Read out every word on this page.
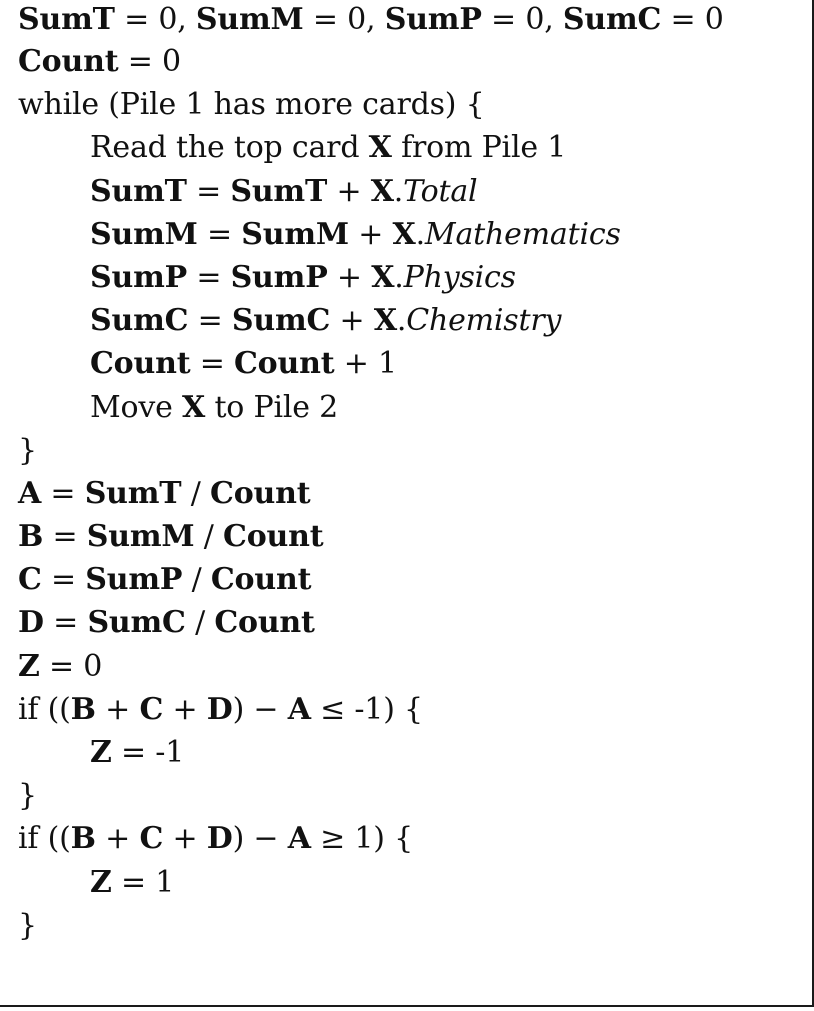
SumT = 0, SumM = 0, SumP = 0, SumC = 0
Count = 0
while (Pile 1 has more cards) {
Read the top card X from Pile 1
SumT = SumT + X.Total
SumM = SumM + X.Mathematics
SumP = SumP + X.Physics
SumC = SumC + X.Chemistry
Count = Count + 1
Move X to Pile 2
}
A = SumT / Count
B = SumM / Count
C = SumP / Count
D = SumC / Count
Z = 0
if ((B + C + D) − A ≤ -1) {
Z = -1
}
if ((B + C + D) − A ≥ 1) {
Z = 1
}
